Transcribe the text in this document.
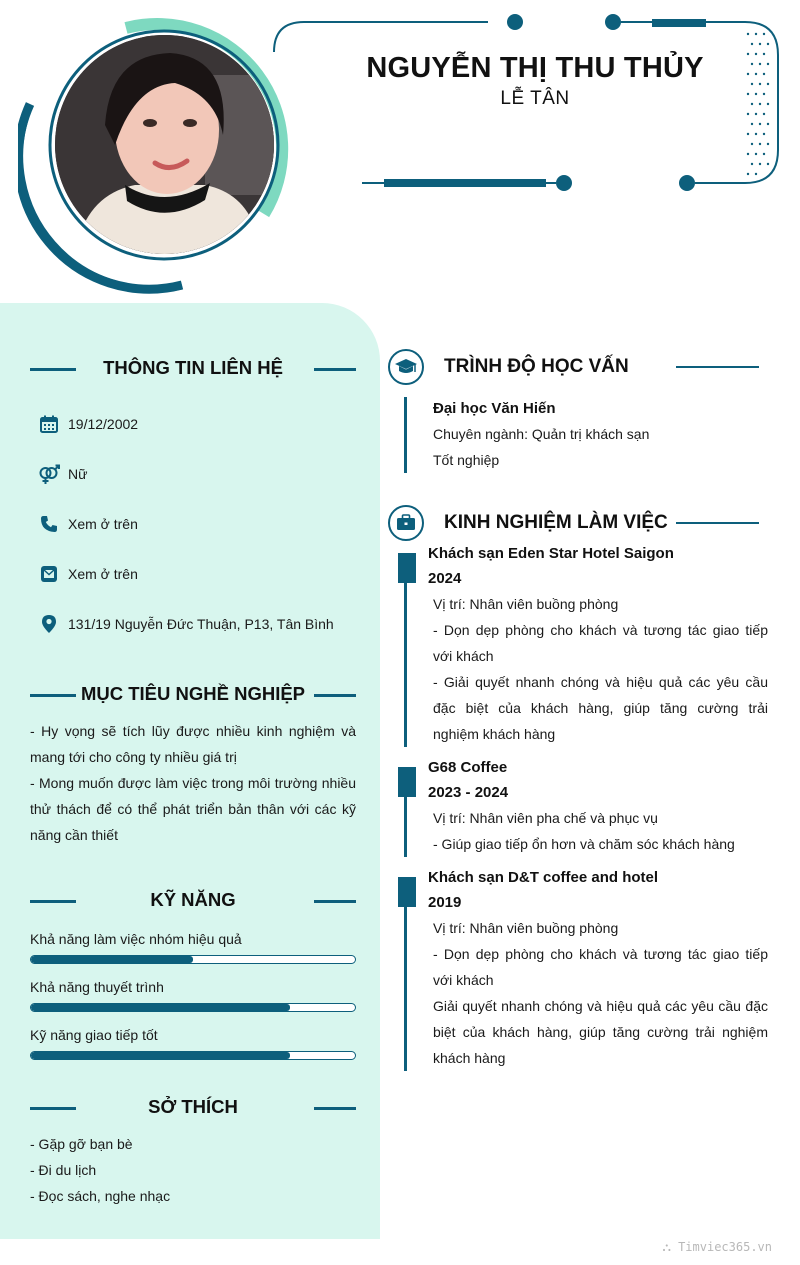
NGUYỄN THỊ THU THỦY
LỄ TÂN
THÔNG TIN LIÊN HỆ
19/12/2002
Nữ
Xem ở trên
Xem ở trên
131/19 Nguyễn Đức Thuận, P13, Tân Bình
MỤC TIÊU NGHỀ NGHIỆP
- Hy vọng sẽ tích lũy được nhiều kinh nghiệm và mang tới cho công ty nhiều giá trị
- Mong muốn được làm việc trong môi trường nhiều thử thách để có thể phát triển bản thân với các kỹ năng cần thiết
KỸ NĂNG
Khả năng làm việc nhóm hiệu quả
Khả năng thuyết trình
Kỹ năng giao tiếp tốt
SỞ THÍCH
- Gặp gỡ bạn bè
- Đi du lịch
- Đọc sách, nghe nhạc
TRÌNH ĐỘ HỌC VẤN
Đại học Văn Hiến
Chuyên ngành: Quản trị khách sạn
Tốt nghiệp
KINH NGHIỆM LÀM VIỆC
Khách sạn Eden Star Hotel Saigon
2024
Vị trí: Nhân viên buồng phòng
- Dọn dẹp phòng cho khách và tương tác giao tiếp với khách
- Giải quyết nhanh chóng và hiệu quả các yêu cầu đặc biệt của khách hàng, giúp tăng cường trải nghiệm khách hàng
G68 Coffee
2023 - 2024
Vị trí: Nhân viên pha chế và phục vụ
- Giúp giao tiếp ổn hơn và chăm sóc khách hàng
Khách sạn D&T coffee and hotel
2019
Vị trí: Nhân viên buồng phòng
- Dọn dẹp phòng cho khách và tương tác giao tiếp với khách
Giải quyết nhanh chóng và hiệu quả các yêu cầu đặc biệt của khách hàng, giúp tăng cường trải nghiệm khách hàng
⛬ Timviec365.vn
